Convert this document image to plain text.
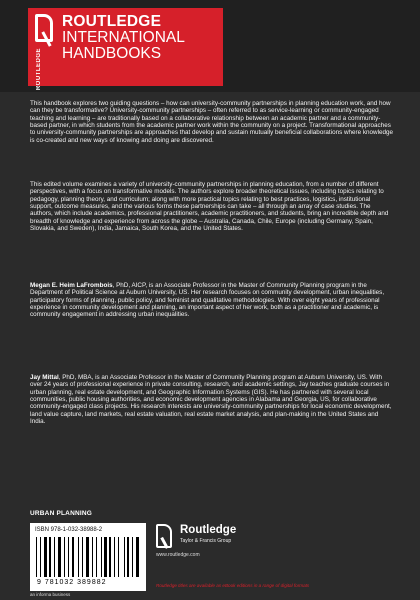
ROUTLEDGE
ROUTLEDGE
INTERNATIONAL
HANDBOOKS
This handbook explores two guiding questions – how can university-community partnerships in planning education work, and how can they be transformative? University-community partnerships – often referred to as service-learning or community-engaged teaching and learning – are traditionally based on a collaborative relationship between an academic partner and a community-based partner, in which students from the academic partner work within the community on a project. Transformational approaches to university-community partnerships are approaches that develop and sustain mutually beneficial collaborations where knowledge is co-created and new ways of knowing and doing are discovered.
This edited volume examines a variety of university-community partnerships in planning education, from a number of different perspectives, with a focus on transformative models. The authors explore broader theoretical issues, including topics relating to pedagogy, planning theory, and curriculum; along with more practical topics relating to best practices, logistics, institutional support, outcome measures, and the various forms these partnerships can take – all through an array of case studies. The authors, which include academics, professional practitioners, academic practitioners, and students, bring an incredible depth and breadth of knowledge and experience from across the globe – Australia, Canada, Chile, Europe (including Germany, Spain, Slovakia, and Sweden), India, Jamaica, South Korea, and the United States.
Megan E. Heim LaFrombois, PhD, AICP, is an Associate Professor in the Master of Community Planning program in the Department of Political Science at Auburn University, US. Her research focuses on community development, urban inequalities, participatory forms of planning, public policy, and feminist and qualitative methodologies. With over eight years of professional experience in community development and planning, an important aspect of her work, both as a practitioner and academic, is community engagement in addressing urban inequalities.
Jay Mittal, PhD, MBA, is an Associate Professor in the Master of Community Planning program at Auburn University, US. With over 24 years of professional experience in private consulting, research, and academic settings, Jay teaches graduate courses in urban planning, real estate development, and Geographic Information Systems (GIS). He has partnered with several local communities, public housing authorities, and economic development agencies in Alabama and Georgia, US, for collaborative community-engaged class projects. His research interests are university-community partnerships for local economic development, land value capture, land markets, real estate valuation, real estate market analysis, and plan-making in the United States and India.
URBAN PLANNING
ISBN 978-1-032-38988-2
9 781032 389882
an informa business
Routledge
Taylor & Francis Group
www.routledge.com
Routledge titles are available as eBook editions in a range of digital formats
